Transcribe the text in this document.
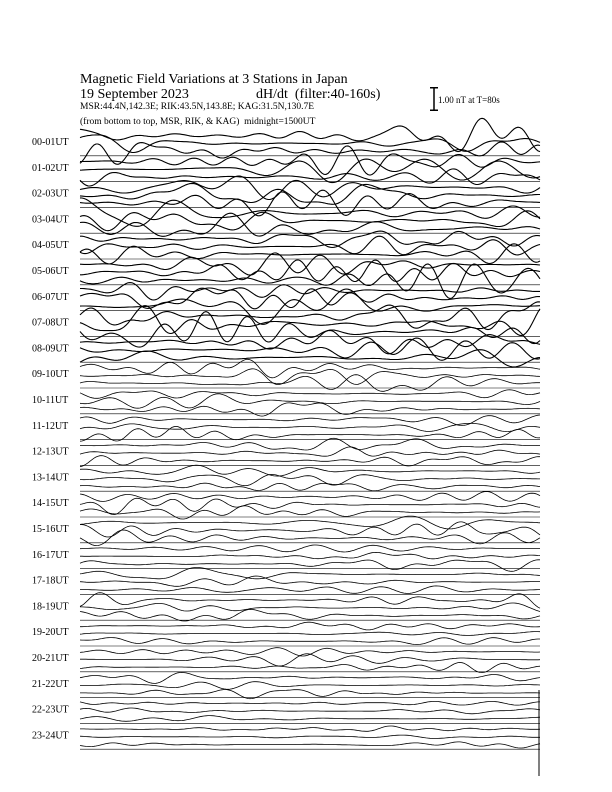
Magnetic Field Variations at 3 Stations in Japan
19 September 2023	dH/dt  (filter:40-160s)
MSR:44.4N,142.3E; RIK:43.5N,143.8E; KAG:31.5N,130.7E
(from bottom to top, MSR, RIK, & KAG)  midnight=1500UT
1.00 nT at T=80s
00-01UT
01-02UT
02-03UT
03-04UT
04-05UT
05-06UT
06-07UT
07-08UT
08-09UT
09-10UT
10-11UT
11-12UT
12-13UT
13-14UT
14-15UT
15-16UT
16-17UT
17-18UT
18-19UT
19-20UT
20-21UT
21-22UT
22-23UT
23-24UT
